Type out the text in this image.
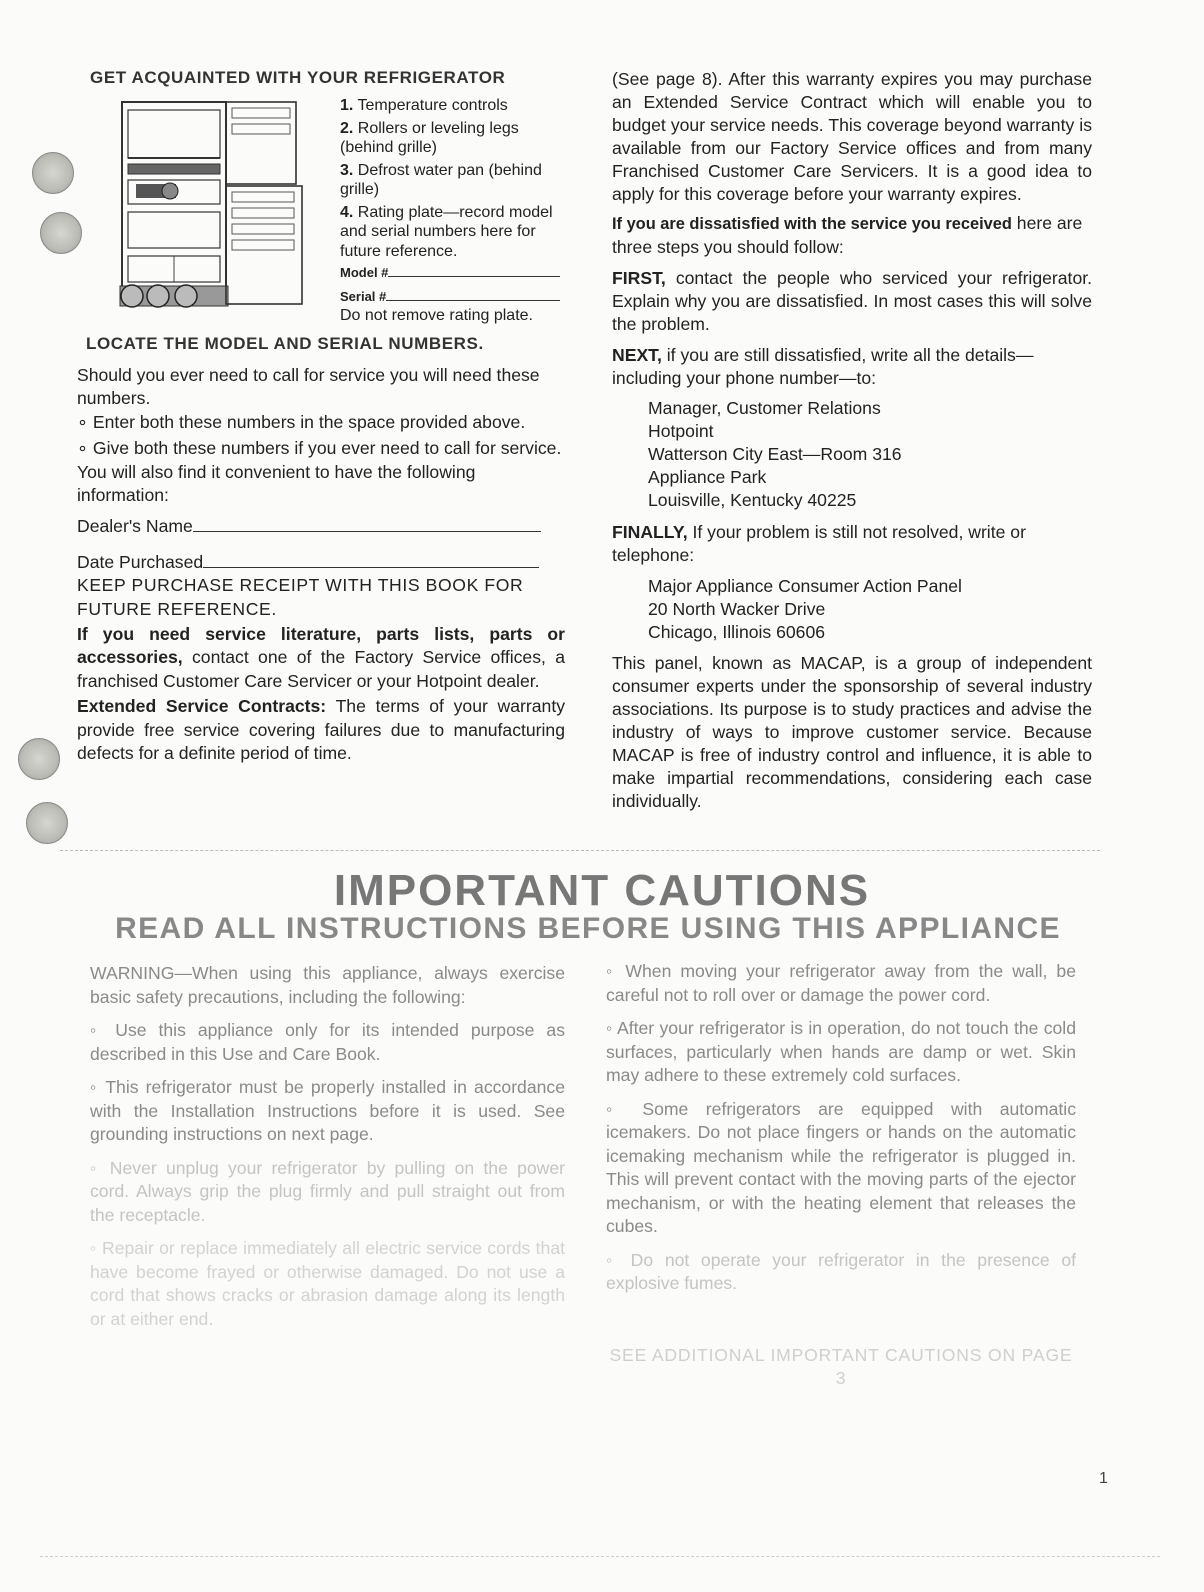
GET ACQUAINTED WITH YOUR REFRIGERATOR
1. Temperature controls
2. Rollers or leveling legs (behind grille)
3. Defrost water pan (behind grille)
4. Rating plate—record model and serial numbers here for future reference.
Model #
Serial #
Do not remove rating plate.
LOCATE THE MODEL AND SERIAL NUMBERS.

Should you ever need to call for service you will need these numbers.

∘ Enter both these numbers in the space provided above.
∘ Give both these numbers if you ever need to call for service.

You will also find it convenient to have the following information:

Dealer's Name
Date Purchased

KEEP PURCHASE RECEIPT WITH THIS BOOK FOR FUTURE REFERENCE.

If you need service literature, parts lists, parts or accessories, contact one of the Factory Service offices, a franchised Customer Care Servicer or your Hotpoint dealer.

Extended Service Contracts: The terms of your warranty provide free service covering failures due to manufacturing defects for a definite period of time.

(See page 8). After this warranty expires you may purchase an Extended Service Contract which will enable you to budget your service needs. This coverage beyond warranty is available from our Factory Service offices and from many Franchised Customer Care Servicers. It is a good idea to apply for this coverage before your warranty expires.

If you are dissatisfied with the service you received here are three steps you should follow:

FIRST, contact the people who serviced your refrigerator. Explain why you are dissatisfied. In most cases this will solve the problem.

NEXT, if you are still dissatisfied, write all the details—including your phone number—to:

Manager, Customer Relations
Hotpoint
Watterson City East—Room 316
Appliance Park
Louisville, Kentucky 40225

FINALLY, If your problem is still not resolved, write or telephone:

Major Appliance Consumer Action Panel
20 North Wacker Drive
Chicago, Illinois 60606

This panel, known as MACAP, is a group of independent consumer experts under the sponsorship of several industry associations. Its purpose is to study practices and advise the industry of ways to improve customer service. Because MACAP is free of industry control and influence, it is able to make impartial recommendations, considering each case individually.

IMPORTANT CAUTIONS
READ ALL INSTRUCTIONS BEFORE USING THIS APPLIANCE

WARNING—When using this appliance, always exercise basic safety precautions, including the following:

◦ Use this appliance only for its intended purpose as described in this Use and Care Book.

◦ This refrigerator must be properly installed in accordance with the Installation Instructions before it is used. See grounding instructions on next page.

◦ Never unplug your refrigerator by pulling on the power cord. Always grip the plug firmly and pull straight out from the receptacle.

◦ Repair or replace immediately all electric service cords that have become frayed or otherwise damaged. Do not use a cord that shows cracks or abrasion damage along its length or at either end.

◦ When moving your refrigerator away from the wall, be careful not to roll over or damage the power cord.

◦ After your refrigerator is in operation, do not touch the cold surfaces, particularly when hands are damp or wet. Skin may adhere to these extremely cold surfaces.

◦ Some refrigerators are equipped with automatic icemakers. Do not place fingers or hands on the automatic icemaking mechanism while the refrigerator is plugged in. This will prevent contact with the moving parts of the ejector mechanism, or with the heating element that releases the cubes.

◦ Do not operate your refrigerator in the presence of explosive fumes.

SEE ADDITIONAL IMPORTANT CAUTIONS ON PAGE 3

1
